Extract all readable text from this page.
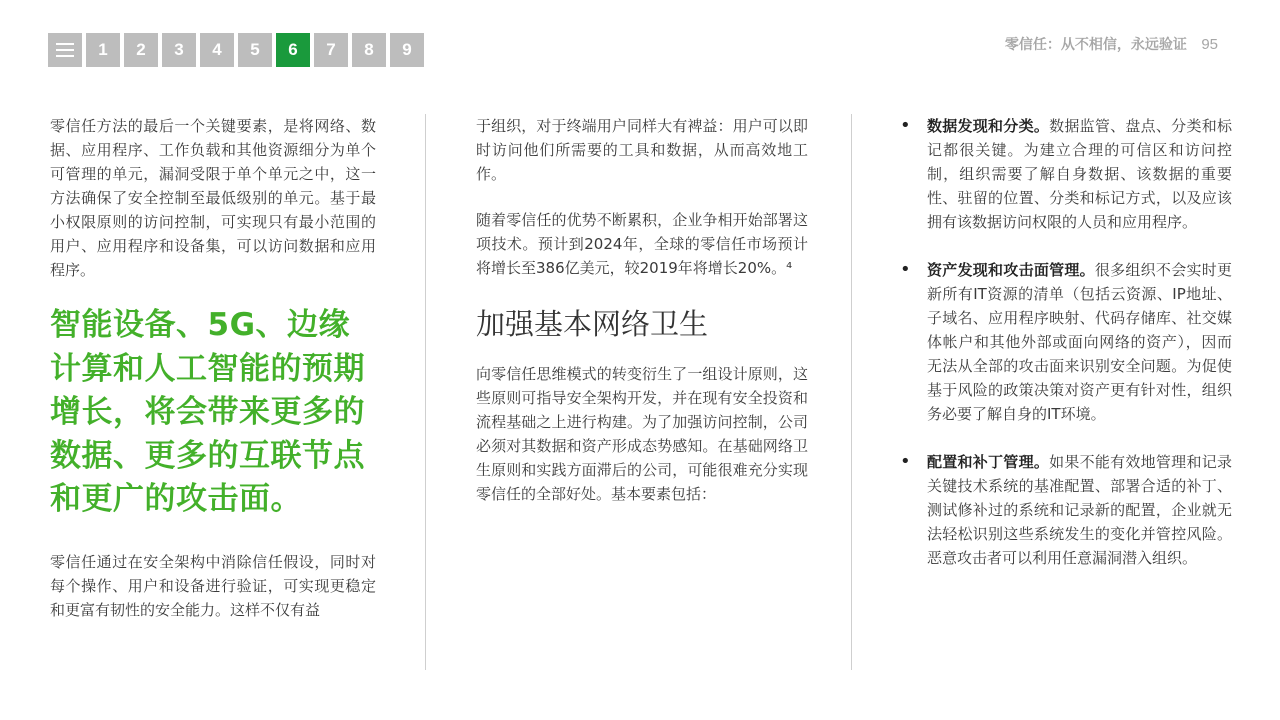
1	2	3	4	5	6	7	8	9	零信任：从不相信，永远验证 95

零信任方法的最后一个关键要素，是将网络、数据、应用程序、工作负载和其他资源细分为单个可管理的单元，漏洞受限于单个单元之中，这一方法确保了安全控制至最低级别的单元。基于最小权限原则的访问控制，可实现只有最小范围的用户、应用程序和设备集，可以访问数据和应用程序。

智能设备、5G、边缘计算和人工智能的预期增长，将会带来更多的数据、更多的互联节点和更广的攻击面。

零信任通过在安全架构中消除信任假设，同时对每个操作、用户和设备进行验证，可实现更稳定和更富有韧性的安全能力。这样不仅有益

于组织，对于终端用户同样大有裨益：用户可以即时访问他们所需要的工具和数据，从而高效地工作。

随着零信任的优势不断累积，企业争相开始部署这项技术。预计到2024年，全球的零信任市场预计将增长至386亿美元，较2019年将增长20%。⁴

加强基本网络卫生

向零信任思维模式的转变衍生了一组设计原则，这些原则可指导安全架构开发，并在现有安全投资和流程基础之上进行构建。为了加强访问控制，公司必须对其数据和资产形成态势感知。在基础网络卫生原则和实践方面滞后的公司，可能很难充分实现零信任的全部好处。基本要素包括：

• 数据发现和分类。数据监管、盘点、分类和标记都很关键。为建立合理的可信区和访问控制，组织需要了解自身数据、该数据的重要性、驻留的位置、分类和标记方式，以及应该拥有该数据访问权限的人员和应用程序。
• 资产发现和攻击面管理。很多组织不会实时更新所有IT资源的清单（包括云资源、IP地址、子域名、应用程序映射、代码存储库、社交媒体帐户和其他外部或面向网络的资产），因而无法从全部的攻击面来识别安全问题。为促使基于风险的政策决策对资产更有针对性，组织务必要了解自身的IT环境。
• 配置和补丁管理。如果不能有效地管理和记录关键技术系统的基准配置、部署合适的补丁、测试修补过的系统和记录新的配置，企业就无法轻松识别这些系统发生的变化并管控风险。恶意攻击者可以利用任意漏洞潜入组织。
